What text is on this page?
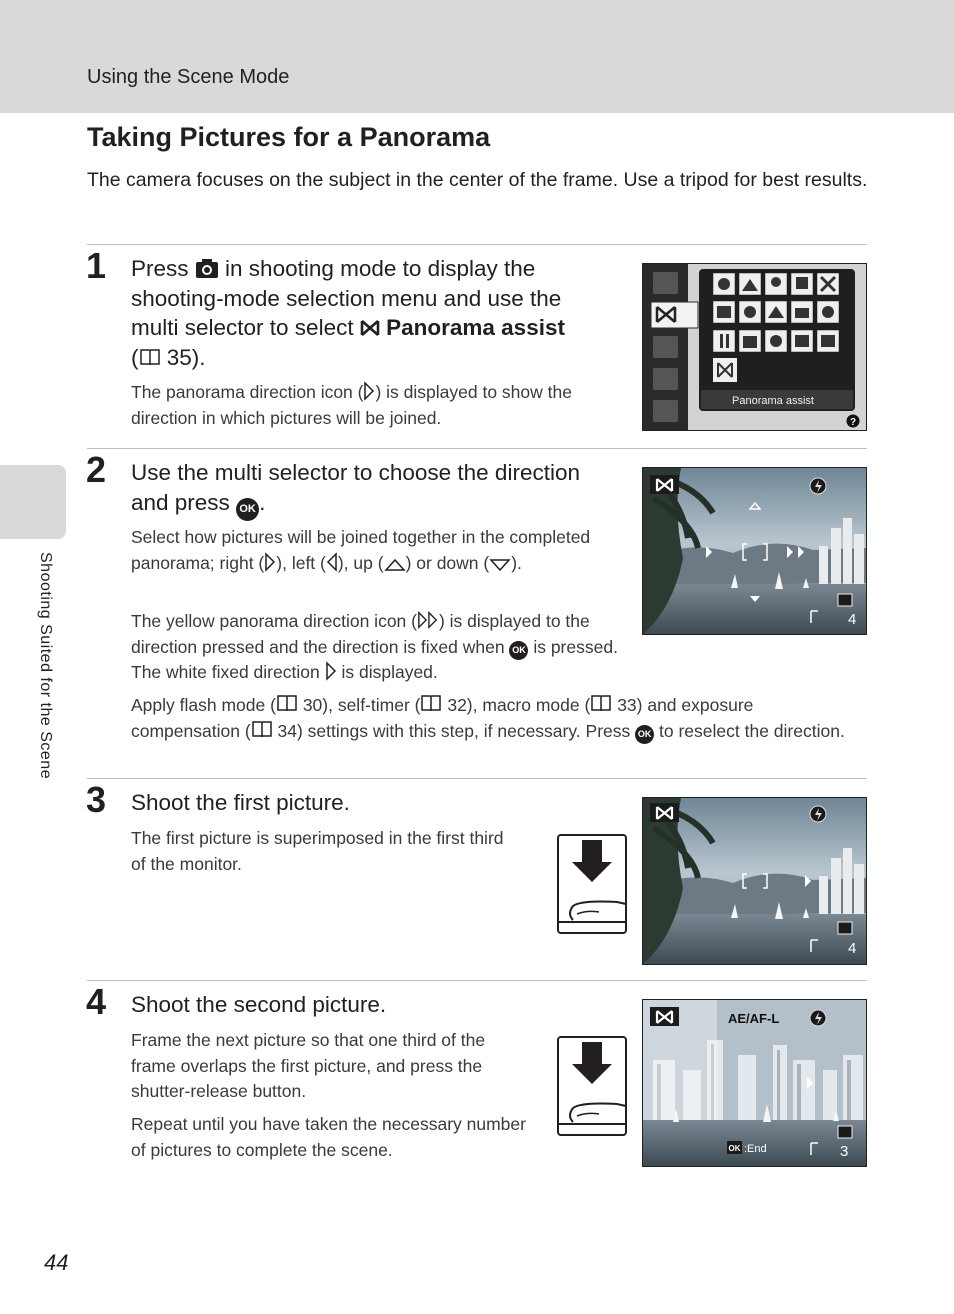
Using the Scene Mode
Shooting Suited for the Scene
Taking Pictures for a Panorama
The camera focuses on the subject in the center of the frame. Use a tripod for best results.
1 Press in shooting mode to display the shooting-mode selection menu and use the multi selector to select Panorama assist
( 35).
The panorama direction icon ( ) is displayed to show the direction in which pictures will be joined.
Panorama assist
?
2 Use the multi selector to choose the direction and press OK .
Select how pictures will be joined together in the completed panorama; right ( ), left ( ), up ( ) or down ( ).
The yellow panorama direction icon ( ) is displayed to the direction pressed and the direction is fixed when OK is pressed. The white fixed direction is displayed.
Apply flash mode ( 30), self-timer ( 32), macro mode ( 33) and exposure compensation ( 34) settings with this step, if necessary. Press OK to reselect the direction.
4
3 Shoot the first picture.
The first picture is superimposed in the first third of the monitor.
4
4 Shoot the second picture.
Frame the next picture so that one third of the frame overlaps the first picture, and press the shutter-release button.
Repeat until you have taken the necessary number of pictures to complete the scene.
AE/AF-L
OK :End	3
44
